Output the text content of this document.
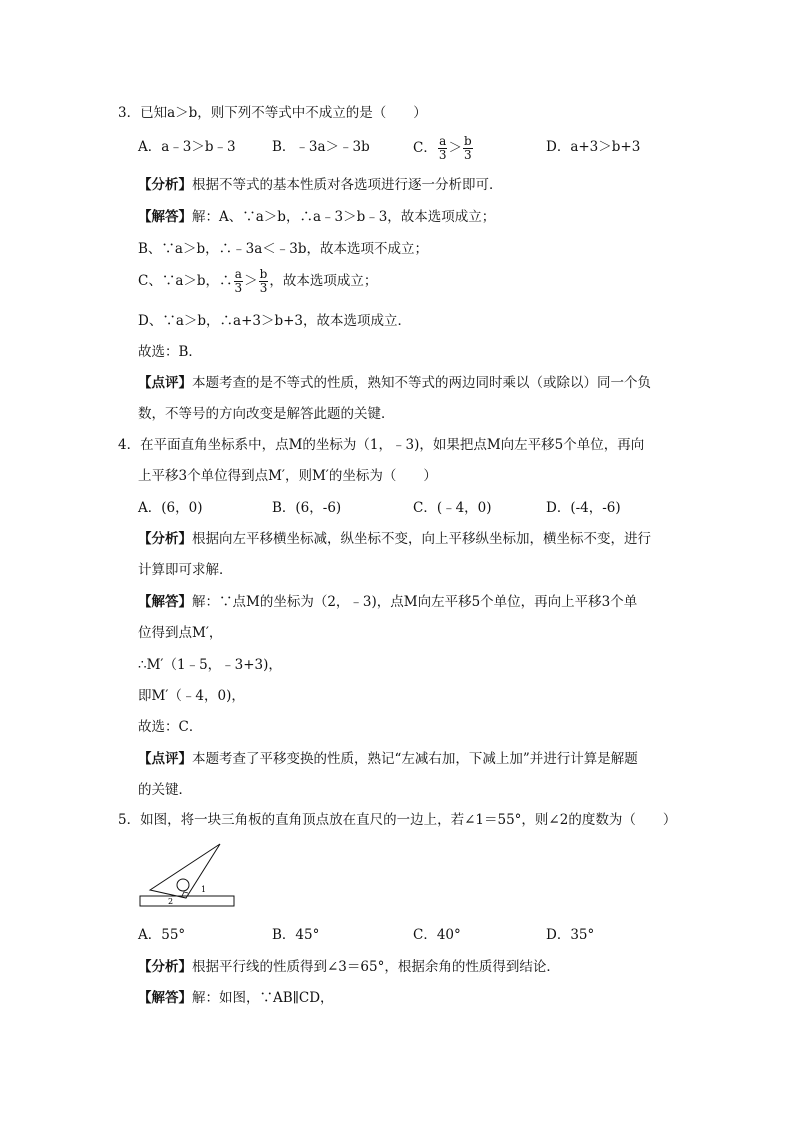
3．已知a＞b，则下列不等式中不成立的是（　　）
A．a﹣3＞b﹣3	B．﹣3a＞﹣3b	C． $\frac{a}{3} > \frac{b}{3}$	D．a+3＞b+3
【分析】根据不等式的基本性质对各选项进行逐一分析即可．
【解答】解：A、∵a＞b，∴a﹣3＞b﹣3，故本选项成立；
B、∵a＞b，∴﹣3a＜﹣3b，故本选项不成立；
C、∵a＞b，∴ $\frac{a}{3} > \frac{b}{3}$ ，故本选项成立；
D、∵a＞b，∴a+3＞b+3，故本选项成立．
故选：B．
【点评】本题考查的是不等式的性质，熟知不等式的两边同时乘以（或除以）同一个负
数，不等号的方向改变是解答此题的关键．
4．在平面直角坐标系中，点M的坐标为（1，﹣3)，如果把点M向左平移5个单位，再向
上平移3个单位得到点M′，则M′的坐标为（　　）
A．(6，0)	B．(6，-6)	C．(﹣4，0)	D．(-4，-6)
【分析】根据向左平移横坐标减，纵坐标不变，向上平移纵坐标加，横坐标不变，进行
计算即可求解．
【解答】解：∵点M的坐标为（2，﹣3)，点M向左平移5个单位，再向上平移3个单
位得到点M′，
∴M′（1﹣5，﹣3+3)，
即M′（﹣4，0)，
故选：C．
【点评】本题考查了平移变换的性质，熟记“左减右加，下减上加”并进行计算是解题
的关键．
5．如图，将一块三角板的直角顶点放在直尺的一边上，若∠1＝55°，则∠2的度数为（　　）
1
2
A．55°	B．45°	C．40°	D．35°
【分析】根据平行线的性质得到∠3＝65°，根据余角的性质得到结论．
【解答】解：如图，∵AB∥CD，
